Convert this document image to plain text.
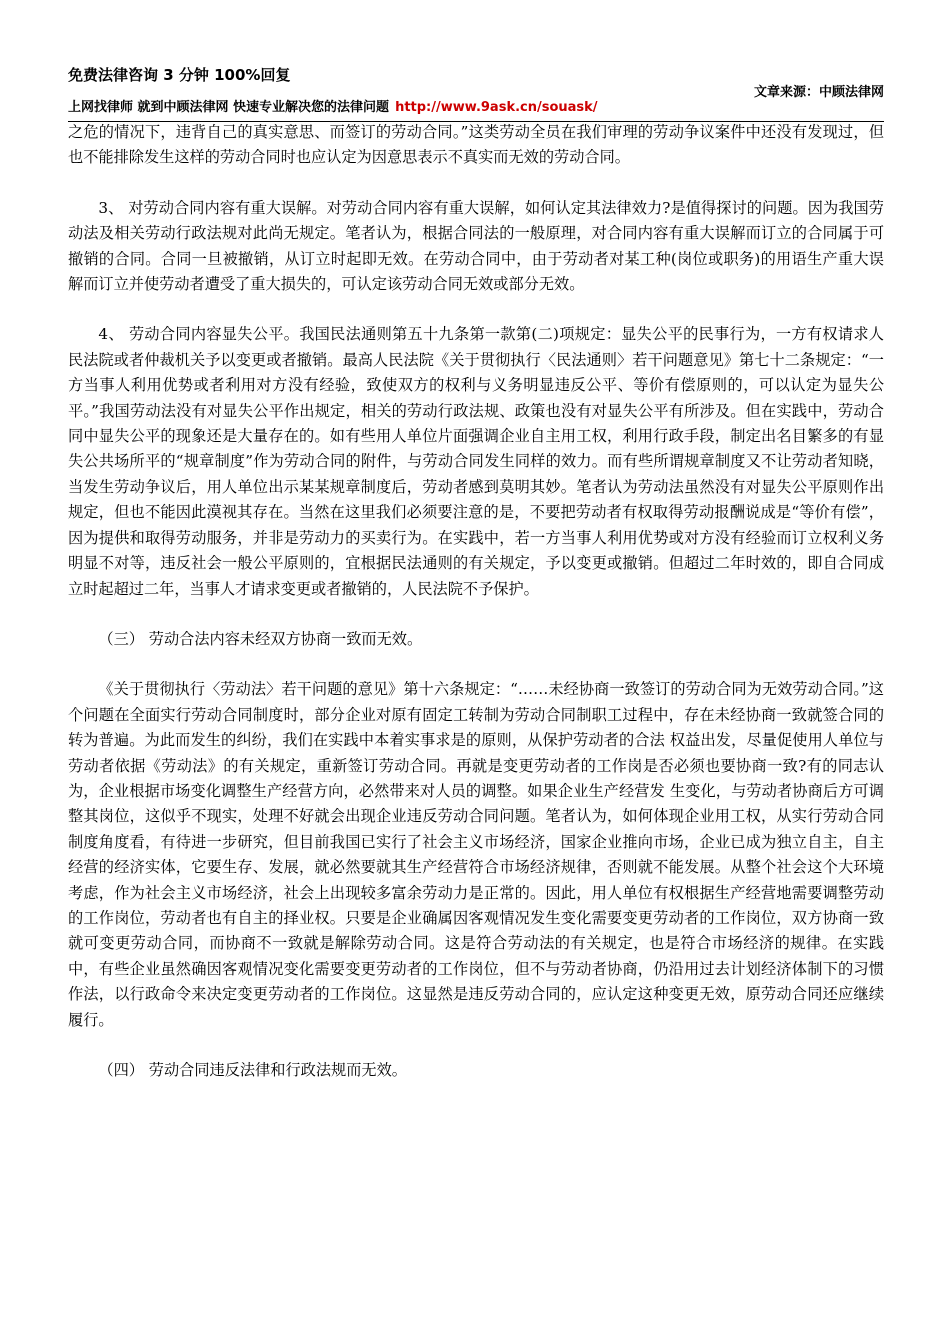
免费法律咨询 3 分钟 100%回复
上网找律师 就到中顾法律网 快速专业解决您的法律问题 http://www.9ask.cn/souask/
文章来源：中顾法律网

之危的情况下，违背自己的真实意思、而签订的劳动合同。”这类劳动全员在我们审理的劳动争议案件中还没有发现过，但也不能排除发生这样的劳动合同时也应认定为因意思表示不真实而无效的劳动合同。

3、 对劳动合同内容有重大误解。对劳动合同内容有重大误解，如何认定其法律效力?是值得探讨的问题。因为我国劳动法及相关劳动行政法规对此尚无规定。笔者认为，根据合同法的一般原理，对合同内容有重大误解而订立的合同属于可撤销的合同。合同一旦被撤销，从订立时起即无效。在劳动合同中，由于劳动者对某工种(岗位或职务)的用语生产重大误解而订立并使劳动者遭受了重大损失的，可认定该劳动合同无效或部分无效。

4、 劳动合同内容显失公平。我国民法通则第五十九条第一款第(二)项规定：显失公平的民事行为，一方有权请求人民法院或者仲裁机关予以变更或者撤销。最高人民法院《关于贯彻执行〈民法通则〉若干问题意见》第七十二条规定：“一方当事人利用优势或者利用对方没有经验，致使双方的权利与义务明显违反公平、等价有偿原则的，可以认定为显失公平。”我国劳动法没有对显失公平作出规定，相关的劳动行政法规、政策也没有对显失公平有所涉及。但在实践中，劳动合同中显失公平的现象还是大量存在的。如有些用人单位片面强调企业自主用工权，利用行政手段，制定出名目繁多的有显失公共场所平的“规章制度”作为劳动合同的附件，与劳动合同发生同样的效力。而有些所谓规章制度又不让劳动者知晓，当发生劳动争议后，用人单位出示某某规章制度后，劳动者感到莫明其妙。笔者认为劳动法虽然没有对显失公平原则作出规定，但也不能因此漠视其存在。当然在这里我们必须要注意的是，不要把劳动者有权取得劳动报酬说成是“等价有偿”，因为提供和取得劳动服务，并非是劳动力的买卖行为。在实践中，若一方当事人利用优势或对方没有经验而订立权利义务明显不对等，违反社会一般公平原则的，宜根据民法通则的有关规定，予以变更或撤销。但超过二年时效的，即自合同成立时起超过二年，当事人才请求变更或者撤销的，人民法院不予保护。

（三） 劳动合法内容未经双方协商一致而无效。

《关于贯彻执行〈劳动法〉若干问题的意见》第十六条规定：“……未经协商一致签订的劳动合同为无效劳动合同。”这个问题在全面实行劳动合同制度时，部分企业对原有固定工转制为劳动合同制职工过程中，存在未经协商一致就签合同的转为普遍。为此而发生的纠纷，我们在实践中本着实事求是的原则，从保护劳动者的合法 权益出发，尽量促使用人单位与劳动者依据《劳动法》的有关规定，重新签订劳动合同。再就是变更劳动者的工作岗是否必须也要协商一致?有的同志认为，企业根据市场变化调整生产经营方向，必然带来对人员的调整。如果企业生产经营发 生变化，与劳动者协商后方可调整其岗位，这似乎不现实，处理不好就会出现企业违反劳动合同问题。笔者认为，如何体现企业用工权，从实行劳动合同制度角度看，有待进一步研究，但目前我国已实行了社会主义市场经济，国家企业推向市场，企业已成为独立自主，自主经营的经济实体，它要生存、发展，就必然要就其生产经营符合市场经济规律，否则就不能发展。从整个社会这个大环境考虑，作为社会主义市场经济，社会上出现较多富余劳动力是正常的。因此，用人单位有权根据生产经营地需要调整劳动的工作岗位，劳动者也有自主的择业权。只要是企业确属因客观情况发生变化需要变更劳动者的工作岗位，双方协商一致就可变更劳动合同，而协商不一致就是解除劳动合同。这是符合劳动法的有关规定，也是符合市场经济的规律。在实践中，有些企业虽然确因客观情况变化需要变更劳动者的工作岗位，但不与劳动者协商，仍沿用过去计划经济体制下的习惯作法，以行政命令来决定变更劳动者的工作岗位。这显然是违反劳动合同的，应认定这种变更无效，原劳动合同还应继续履行。

（四） 劳动合同违反法律和行政法规而无效。
